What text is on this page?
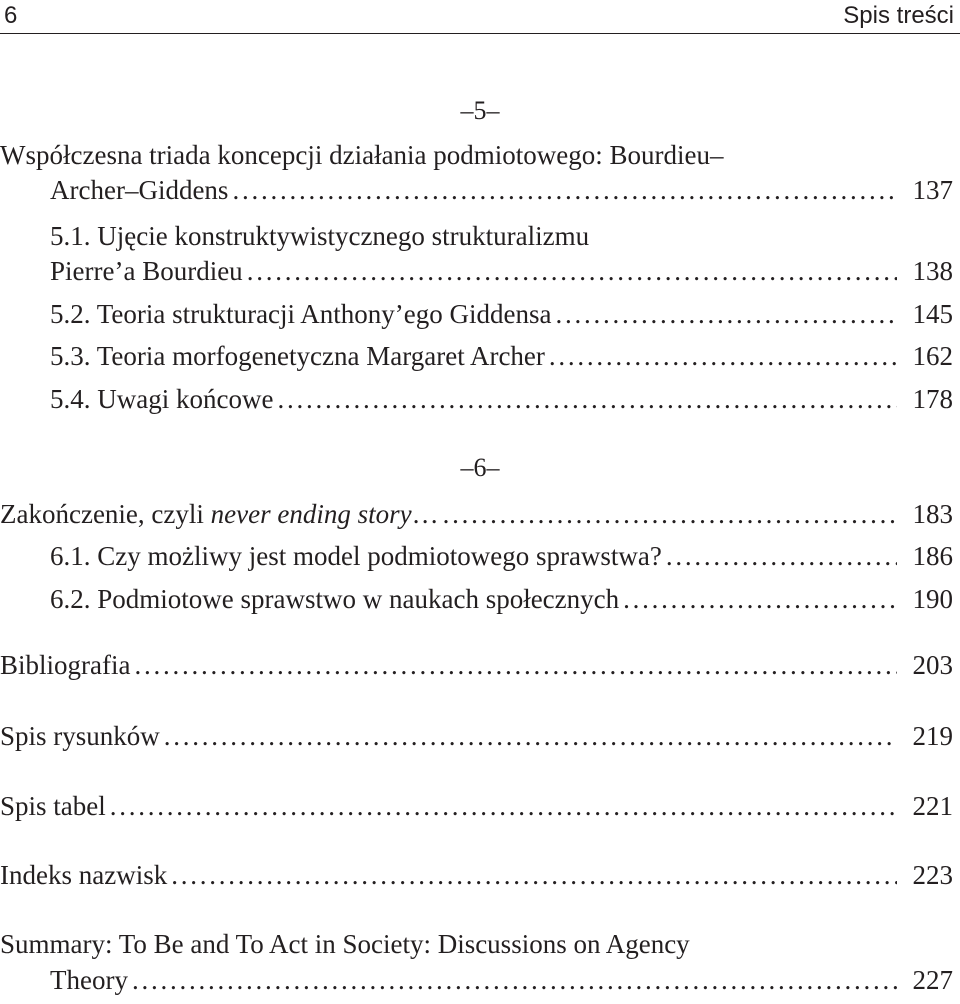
6	Spis treści
–5–
Współczesna triada koncepcji działania podmiotowego: Bourdieu–
Archer–Giddens . . .	137
5.1. Ujęcie konstruktywistycznego strukturalizmu
Pierre’a Bourdieu . . .	138
5.2. Teoria strukturacji Anthony’ego Giddensa . . .	145
5.3. Teoria morfogenetyczna Margaret Archer . . .	162
5.4. Uwagi końcowe . . .	178
–6–
Zakończenie, czyli never ending story… . . .	183
6.1. Czy możliwy jest model podmiotowego sprawstwa? . . .	186
6.2. Podmiotowe sprawstwo w naukach społecznych . . .	190
Bibliografia . . .	203
Spis rysunków . . .	219
Spis tabel . . .	221
Indeks nazwisk . . .	223
Summary: To Be and To Act in Society: Discussions on Agency
Theory . . .	227
